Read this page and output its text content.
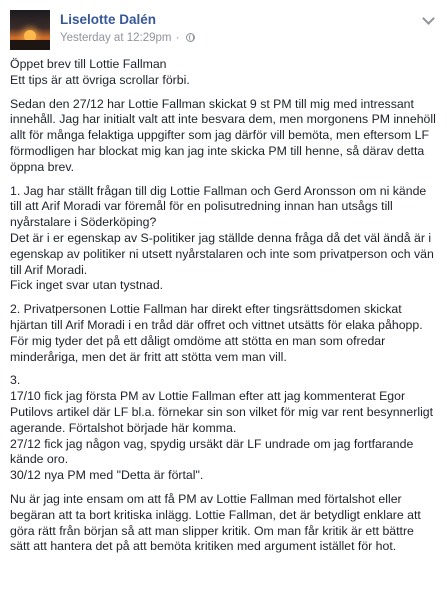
Liselotte Dalén
Yesterday at 12:29pm ·

Öppet brev till Lottie Fallman
Ett tips är att övriga scrollar förbi.

Sedan den 27/12 har Lottie Fallman skickat 9 st PM till mig med intressant innehåll. Jag har initialt valt att inte besvara dem, men morgonens PM innehöll allt för många felaktiga uppgifter som jag därför vill bemöta, men eftersom LF förmodligen har blockat mig kan jag inte skicka PM till henne, så därav detta öppna brev.

1. Jag har ställt frågan till dig Lottie Fallman och Gerd Aronsson om ni kände till att Arif Moradi var föremål för en polisutredning innan han utsågs till nyårstalare i Söderköping?
Det är i er egenskap av S-politiker jag ställde denna fråga då det väl ändå är i egenskap av politiker ni utsett nyårstalaren och inte som privatperson och vän till Arif Moradi.
Fick inget svar utan tystnad.

2. Privatpersonen Lottie Fallman har direkt efter tingsrättsdomen skickat hjärtan till Arif Moradi i en tråd där offret och vittnet utsätts för elaka påhopp. För mig tyder det på ett dåligt omdöme att stötta en man som ofredar minderåriga, men det är fritt att stötta vem man vill.

3.
17/10 fick jag första PM av Lottie Fallman efter att jag kommenterat Egor Putilovs artikel där LF bl.a. förnekar sin son vilket för mig var rent besynnerligt agerande. Förtalshot började här komma.
27/12 fick jag någon vag, spydig ursäkt där LF undrade om jag fortfarande kände oro.
30/12 nya PM med "Detta är förtal".

Nu är jag inte ensam om att få PM av Lottie Fallman med förtalshot eller begäran att ta bort kritiska inlägg. Lottie Fallman, det är betydligt enklare att göra rätt från början så att man slipper kritik. Om man får kritik är ett bättre sätt att hantera det på att bemöta kritiken med argument istället för hot.
